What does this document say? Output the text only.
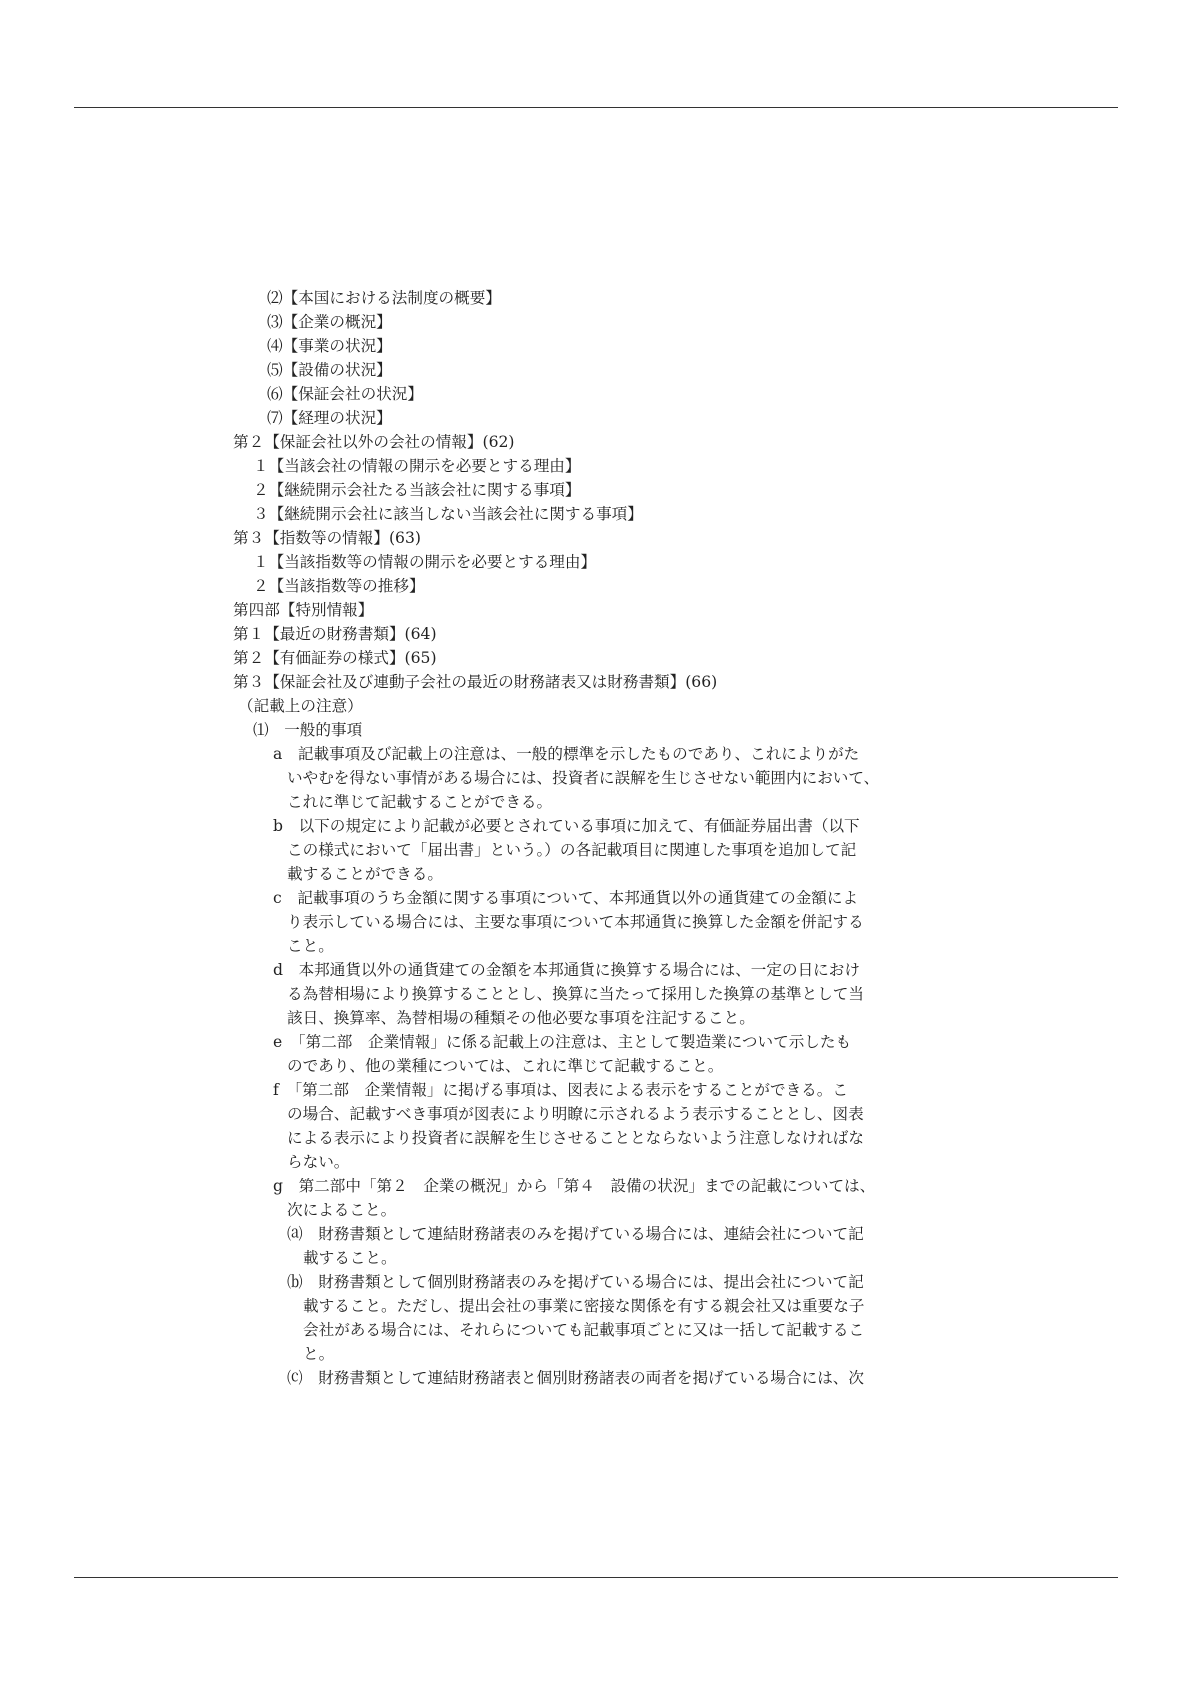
⑵【本国における法制度の概要】
⑶【企業の概況】
⑷【事業の状況】
⑸【設備の状況】
⑹【保証会社の状況】
⑺【経理の状況】
第２【保証会社以外の会社の情報】(62)
１【当該会社の情報の開示を必要とする理由】
２【継続開示会社たる当該会社に関する事項】
３【継続開示会社に該当しない当該会社に関する事項】
第３【指数等の情報】(63)
１【当該指数等の情報の開示を必要とする理由】
２【当該指数等の推移】
第四部【特別情報】
第１【最近の財務書類】(64)
第２【有価証券の様式】(65)
第３【保証会社及び連動子会社の最近の財務諸表又は財務書類】(66)
（記載上の注意）
⑴　一般的事項
a　記載事項及び記載上の注意は、一般的標準を示したものであり、これによりがた
いやむを得ない事情がある場合には、投資者に誤解を生じさせない範囲内において、
これに準じて記載することができる。
b　以下の規定により記載が必要とされている事項に加えて、有価証券届出書（以下
この様式において「届出書」という。）の各記載項目に関連した事項を追加して記
載することができる。
c　記載事項のうち金額に関する事項について、本邦通貨以外の通貨建ての金額によ
り表示している場合には、主要な事項について本邦通貨に換算した金額を併記する
こと。
d　本邦通貨以外の通貨建ての金額を本邦通貨に換算する場合には、一定の日におけ
る為替相場により換算することとし、換算に当たって採用した換算の基準として当
該日、換算率、為替相場の種類その他必要な事項を注記すること。
e　「第二部　企業情報」に係る記載上の注意は、主として製造業について示したも
のであり、他の業種については、これに準じて記載すること。
f　「第二部　企業情報」に掲げる事項は、図表による表示をすることができる。こ
の場合、記載すべき事項が図表により明瞭に示されるよう表示することとし、図表
による表示により投資者に誤解を生じさせることとならないよう注意しなければな
らない。
g　第二部中「第２　企業の概況」から「第４　設備の状況」までの記載については、
次によること。
⒜　財務書類として連結財務諸表のみを掲げている場合には、連結会社について記
載すること。
⒝　財務書類として個別財務諸表のみを掲げている場合には、提出会社について記
載すること。ただし、提出会社の事業に密接な関係を有する親会社又は重要な子
会社がある場合には、それらについても記載事項ごとに又は一括して記載するこ
と。
⒞　財務書類として連結財務諸表と個別財務諸表の両者を掲げている場合には、次
